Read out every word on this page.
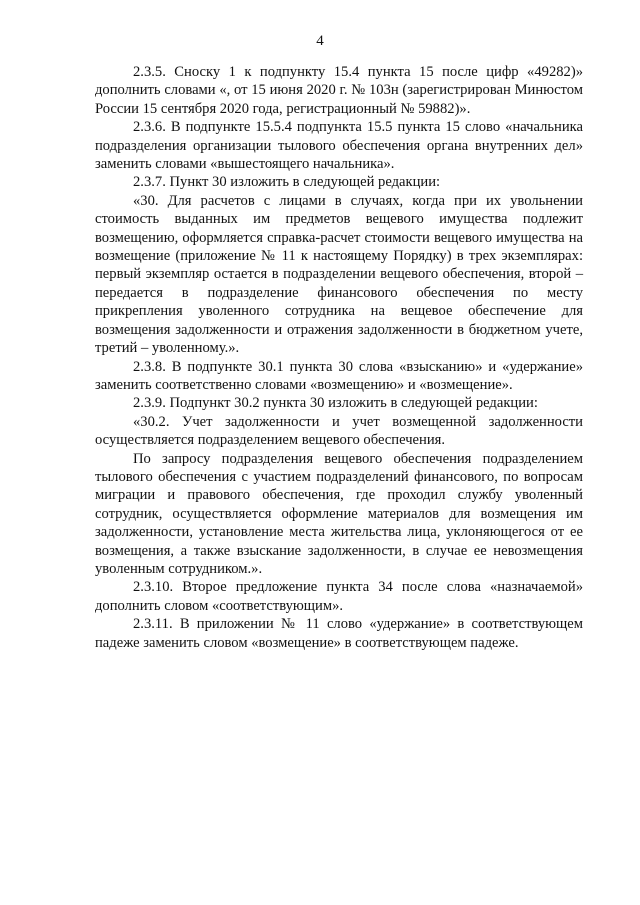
4

2.3.5. Сноску 1 к подпункту 15.4 пункта 15 после цифр «49282)» дополнить словами «, от 15 июня 2020 г. № 103н (зарегистрирован Минюстом России 15 сентября 2020 года, регистрационный № 59882)».

2.3.6. В подпункте 15.5.4 подпункта 15.5 пункта 15 слово «начальника подразделения организации тылового обеспечения органа внутренних дел» заменить словами «вышестоящего начальника».

2.3.7. Пункт 30 изложить в следующей редакции:

«30. Для расчетов с лицами в случаях, когда при их увольнении стоимость выданных им предметов вещевого имущества подлежит возмещению, оформляется справка-расчет стоимости вещевого имущества на возмещение (приложение № 11 к настоящему Порядку) в трех экземплярах: первый экземпляр остается в подразделении вещевого обеспечения, второй – передается в подразделение финансового обеспечения по месту прикрепления уволенного сотрудника на вещевое обеспечение для возмещения задолженности и отражения задолженности в бюджетном учете, третий – уволенному.».

2.3.8. В подпункте 30.1 пункта 30 слова «взысканию» и «удержание» заменить соответственно словами «возмещению» и «возмещение».

2.3.9. Подпункт 30.2 пункта 30 изложить в следующей редакции:

«30.2. Учет задолженности и учет возмещенной задолженности осуществляется подразделением вещевого обеспечения.

По запросу подразделения вещевого обеспечения подразделением тылового обеспечения с участием подразделений финансового, по вопросам миграции и правового обеспечения, где проходил службу уволенный сотрудник, осуществляется оформление материалов для возмещения им задолженности, установление места жительства лица, уклоняющегося от ее возмещения, а также взыскание задолженности, в случае ее невозмещения уволенным сотрудником.».

2.3.10. Второе предложение пункта 34 после слова «назначаемой» дополнить словом «соответствующим».

2.3.11. В приложении № 11 слово «удержание» в соответствующем падеже заменить словом «возмещение» в соответствующем падеже.
